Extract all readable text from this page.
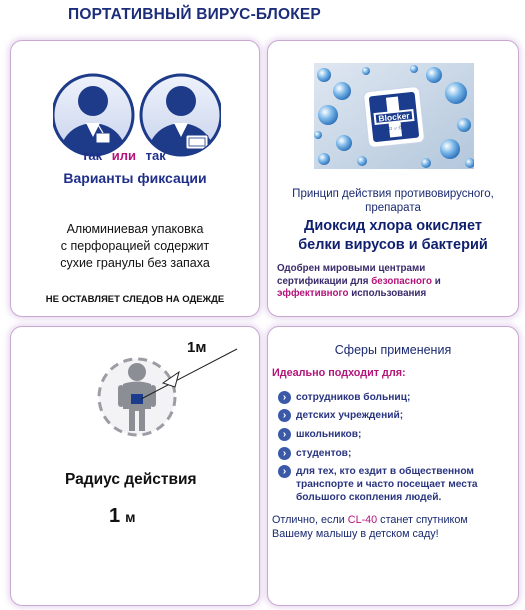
ПОРТАТИВНЫЙ ВИРУС-БЛОКЕР
так или так
Варианты фиксации
Алюминиевая упаковка
с перфорацией содержит
сухие гранулы без запаха
НЕ ОСТАВЛЯЕТ СЛЕДОВ НА ОДЕЖДЕ
Blocker
ブロッカー
Принцип действия противовирусного,
препарата
Диоксид хлора окисляет
белки вирусов и бактерий
Одобрен мировыми центрами
сертификации для безопасного и
эффективного использования
1м
Радиус действия
1 м
Сферы применения
Идеально подходит для:
› сотрудников больниц;
› детских учреждений;
› школьников;
› студентов;
› для тех, кто ездит в общественном
транспорте и часто посещает места
большого скопления людей.
Отлично, если CL-40 станет спутником
Вашему малышу в детском саду!
